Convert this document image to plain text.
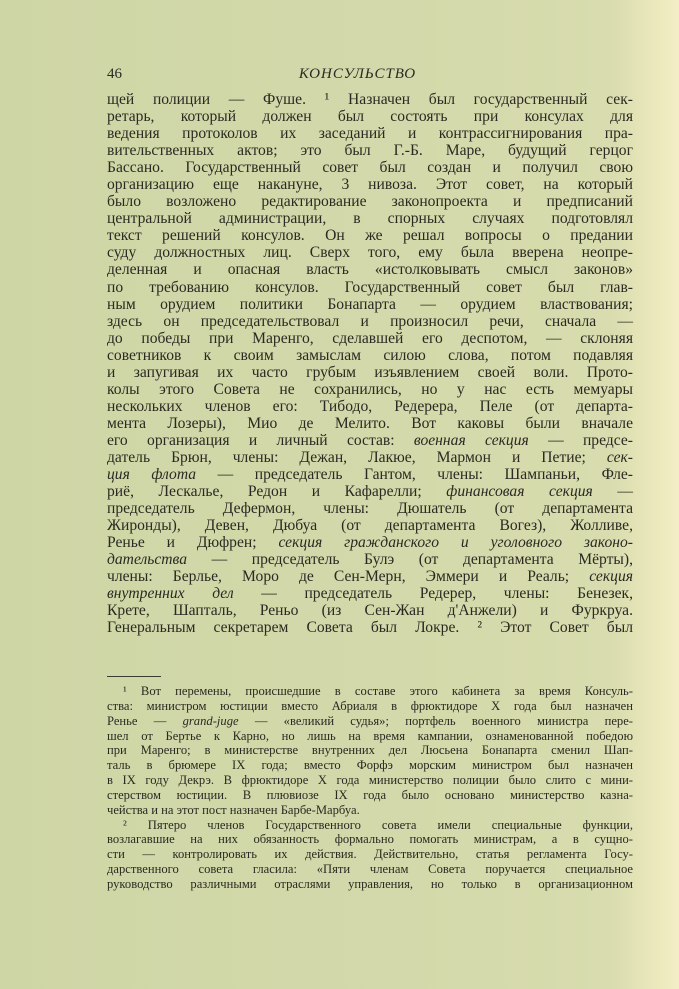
46	КОНСУЛЬСТВО
щей полиции — Фуше. ¹ Назначен был государственный сек-
ретарь, который должен был состоять при консулах для
ведения протоколов их заседаний и контрассигнирования пра-
вительственных актов; это был Г.-Б. Маре, будущий герцог
Бассано. Государственный совет был создан и получил свою
организацию еще накануне, 3 нивоза. Этот совет, на который
было возложено редактирование законопроекта и предписаний
центральной администрации, в спорных случаях подготовлял
текст решений консулов. Он же решал вопросы о предании
суду должностных лиц. Сверх того, ему была вверена неопре-
деленная и опасная власть «истолковывать смысл законов»
по требованию консулов. Государственный совет был глав-
ным орудием политики Бонапарта — орудием властвования;
здесь он председательствовал и произносил речи, сначала —
до победы при Маренго, сделавшей его деспотом, — склоняя
советников к своим замыслам силою слова, потом подавляя
и запугивая их часто грубым изъявлением своей воли. Прото-
колы этого Совета не сохранились, но у нас есть мемуары
нескольких членов его: Тибодо, Редерера, Пеле (от департа-
мента Лозеры), Мио де Мелито. Вот каковы были вначале
его организация и личный состав: военная секция — предсе-
датель Брюн, члены: Дежан, Лакюе, Мармон и Петие; сек-
ция флота — председатель Гантом, члены: Шампаньи, Фле-
риё, Лескалье, Редон и Кафарелли; финансовая секция —
председатель Дефермон, члены: Дюшатель (от департамента
Жиронды), Девен, Дюбуа (от департамента Вогез), Жолливе,
Ренье и Дюфрен; секция гражданского и уголовного законо-
дательства — председатель Булэ (от департамента Мёрты),
члены: Берлье, Моро де Сен-Мерн, Эммери и Реаль; секция
внутренних дел — председатель Редерер, члены: Бенезек,
Крете, Шапталь, Реньо (из Сен-Жан д'Анжели) и Фуркруа.
Генеральным секретарем Совета был Локре. ² Этот Совет был
¹ Вот перемены, происшедшие в составе этого кабинета за время Консуль-
ства: министром юстиции вместо Абриаля в фрюктидоре X года был назначен
Ренье — grand-juge — «великий судья»; портфель военного министра пере-
шел от Бертье к Карно, но лишь на время кампании, ознаменованной победою
при Маренго; в министерстве внутренних дел Люсьена Бонапарта сменил Шап-
таль в брюмере IX года; вместо Форфэ морским министром был назначен
в IX году Декрэ. В фрюктидоре X года министерство полиции было слито с мини-
стерством юстиции. В плювиозе IX года было основано министерство казна-
чейства и на этот пост назначен Барбе-Марбуа.
² Пятеро членов Государственного совета имели специальные функции,
возлагавшие на них обязанность формально помогать министрам, а в сущно-
сти — контролировать их действия. Действительно, статья регламента Госу-
дарственного совета гласила: «Пяти членам Совета поручается специальное
руководство различными отраслями управления, но только в организационном
